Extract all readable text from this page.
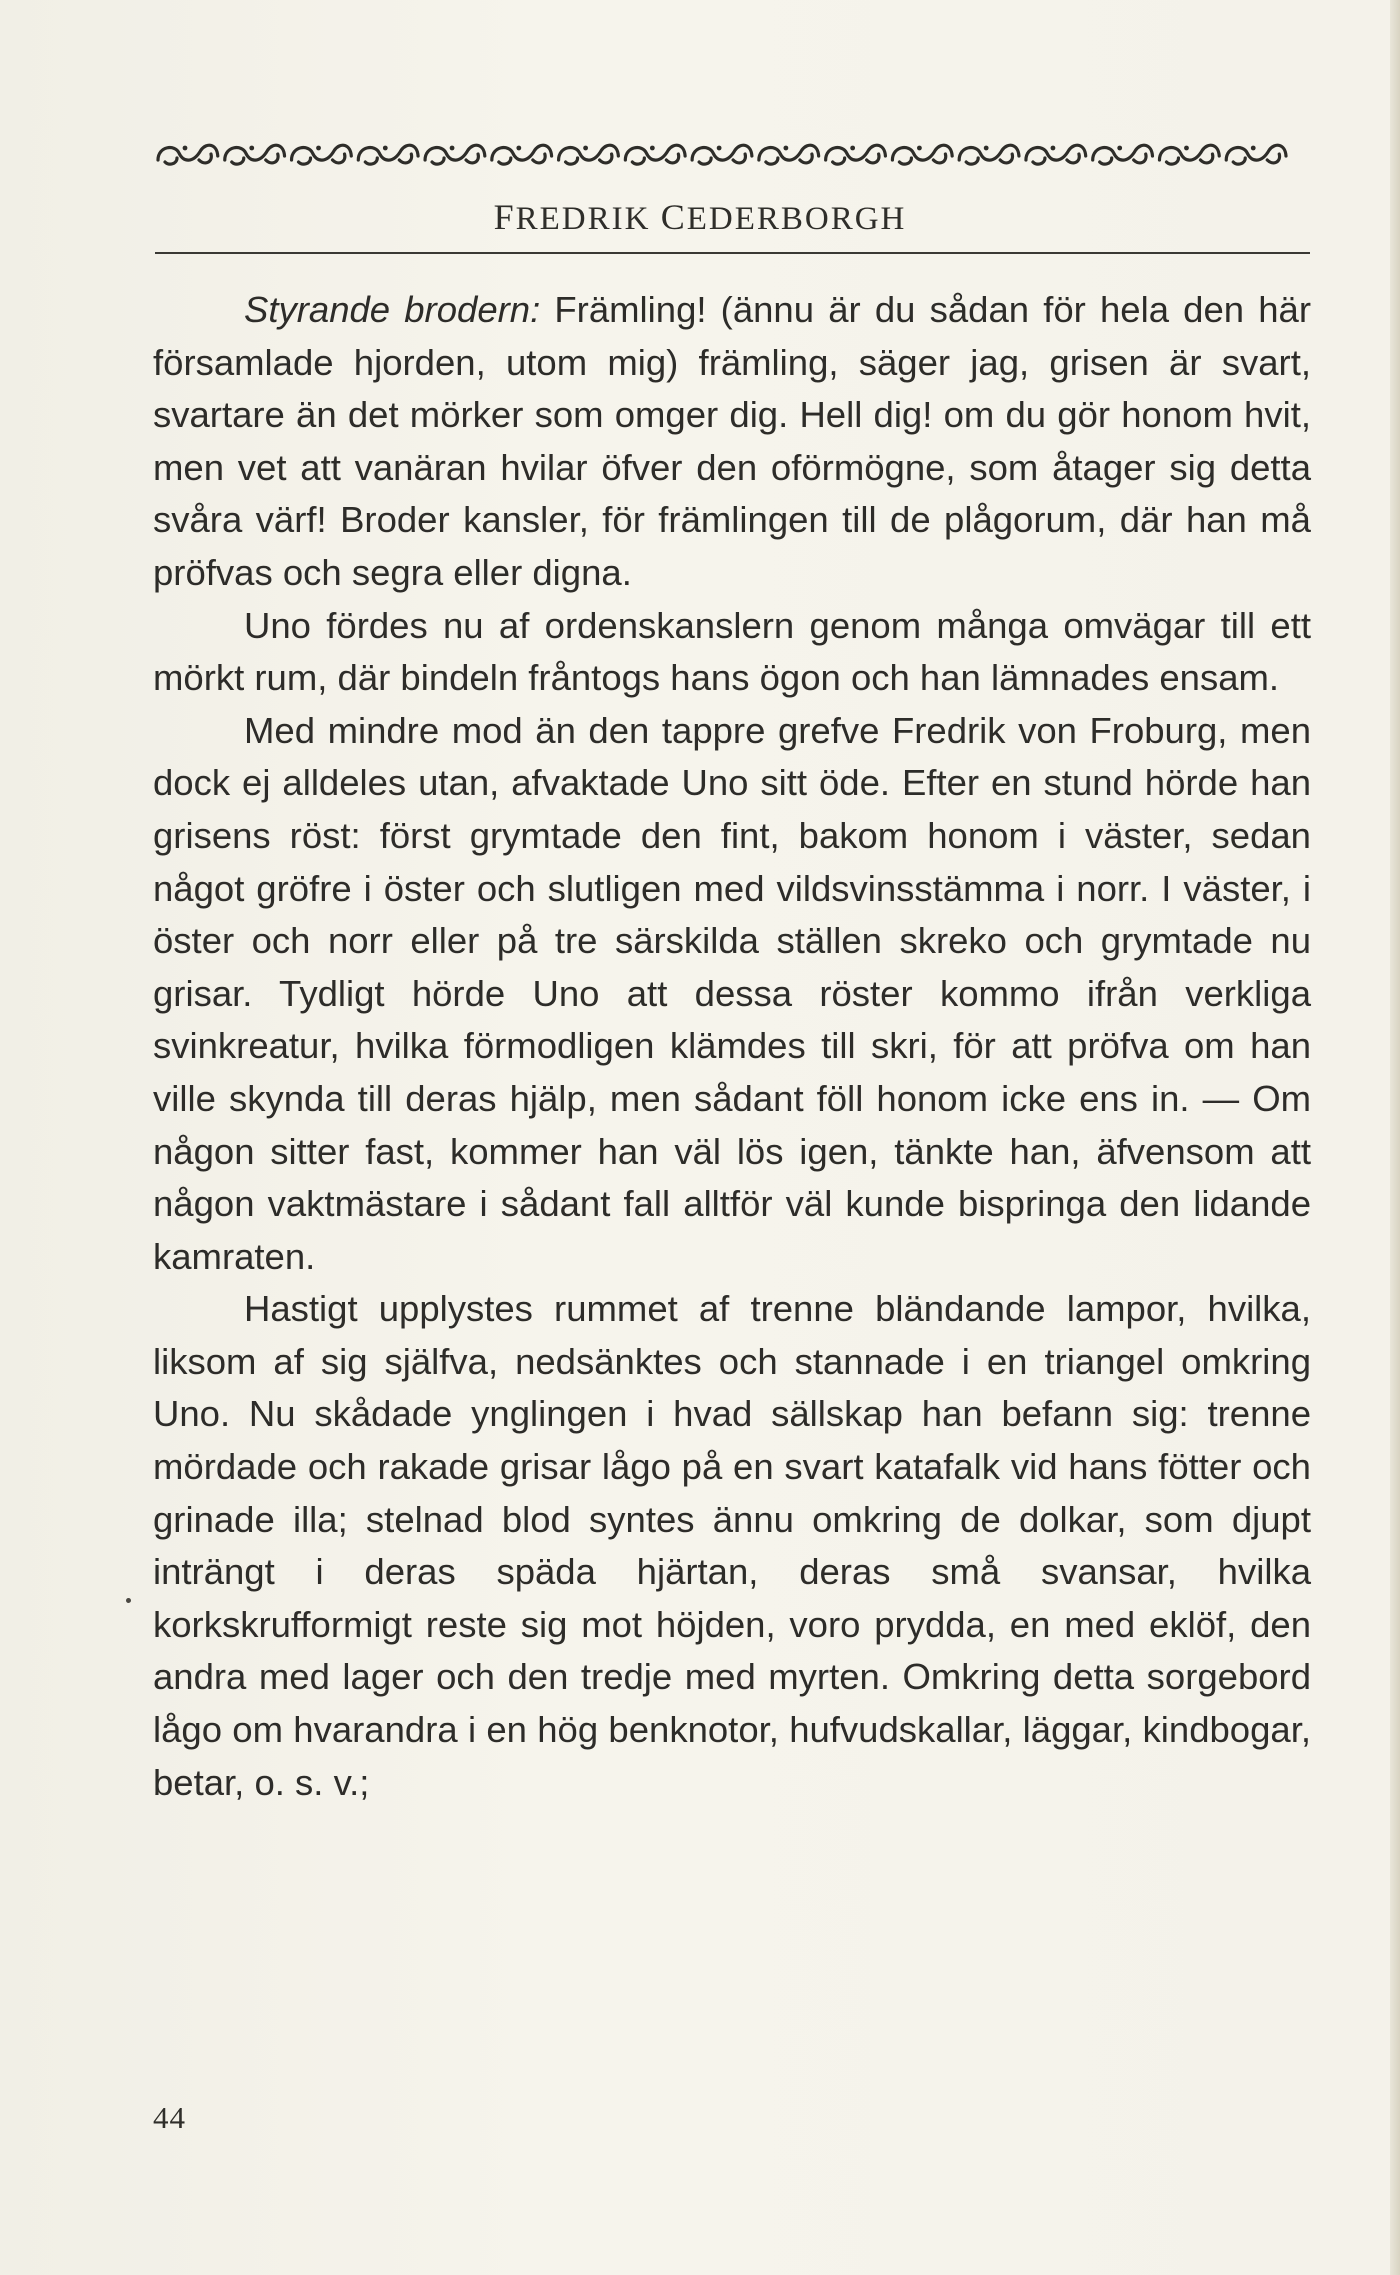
FREDRIK CEDERBORGH

Styrande brodern: Främling! (ännu är du sådan för hela den här församlade hjorden, utom mig) främling, säger jag, grisen är svart, svartare än det mörker som omger dig. Hell dig! om du gör honom hvit, men vet att vanäran hvilar öfver den oförmögne, som åtager sig detta svåra värf! Broder kansler, för främlingen till de plågorum, där han må pröfvas och segra eller digna.

Uno fördes nu af ordenskanslern genom många omvägar till ett mörkt rum, där bindeln fråntogs hans ögon och han lämnades ensam.

Med mindre mod än den tappre grefve Fredrik von Froburg, men dock ej alldeles utan, afvaktade Uno sitt öde. Efter en stund hörde han grisens röst: först grymtade den fint, bakom honom i väster, sedan något gröfre i öster och slutligen med vildsvinsstämma i norr. I väster, i öster och norr eller på tre särskilda ställen skreko och grymtade nu grisar. Tydligt hörde Uno att dessa röster kommo ifrån verkliga svinkreatur, hvilka förmodligen klämdes till skri, för att pröfva om han ville skynda till deras hjälp, men sådant föll honom icke ens in. — Om någon sitter fast, kommer han väl lös igen, tänkte han, äfvensom att någon vaktmästare i sådant fall alltför väl kunde bispringa den lidande kamraten.

Hastigt upplystes rummet af trenne bländande lampor, hvilka, liksom af sig själfva, nedsänktes och stannade i en triangel omkring Uno. Nu skådade ynglingen i hvad sällskap han befann sig: trenne mördade och rakade grisar lågo på en svart katafalk vid hans fötter och grinade illa; stelnad blod syntes ännu omkring de dolkar, som djupt inträngt i deras späda hjärtan, deras små svansar, hvilka korkskrufformigt reste sig mot höjden, voro prydda, en med eklöf, den andra med lager och den tredje med myrten. Omkring detta sorgebord lågo om hvarandra i en hög benknotor, hufvudskallar, läggar, kindbogar, betar, o. s. v.;

44
